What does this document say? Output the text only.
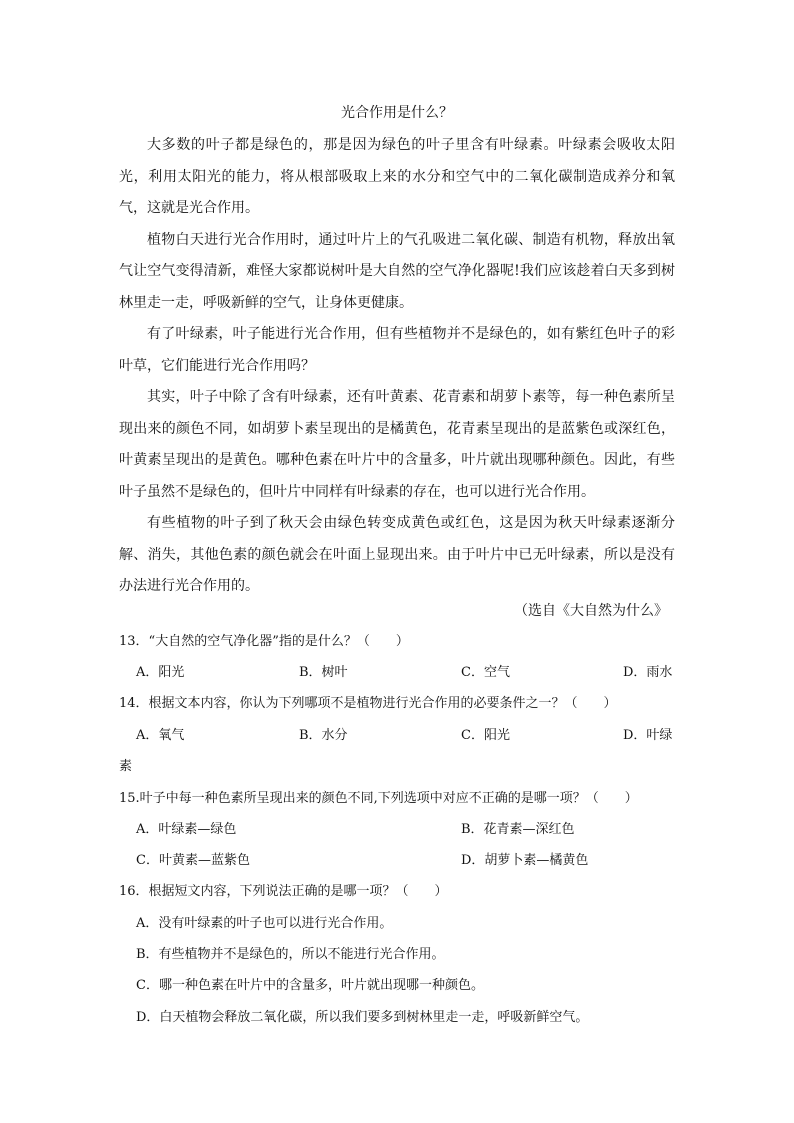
光合作用是什么？

大多数的叶子都是绿色的，那是因为绿色的叶子里含有叶绿素。叶绿素会吸收太阳光，利用太阳光的能力，将从根部吸取上来的水分和空气中的二氧化碳制造成养分和氧气，这就是光合作用。

植物白天进行光合作用时，通过叶片上的气孔吸进二氧化碳、制造有机物，释放出氧气让空气变得清新，难怪大家都说树叶是大自然的空气净化器呢!我们应该趁着白天多到树林里走一走，呼吸新鲜的空气，让身体更健康。

有了叶绿素，叶子能进行光合作用，但有些植物并不是绿色的，如有紫红色叶子的彩叶草，它们能进行光合作用吗？

其实，叶子中除了含有叶绿素，还有叶黄素、花青素和胡萝卜素等，每一种色素所呈现出来的颜色不同，如胡萝卜素呈现出的是橘黄色，花青素呈现出的是蓝紫色或深红色，叶黄素呈现出的是黄色。哪种色素在叶片中的含量多，叶片就出现哪种颜色。因此，有些叶子虽然不是绿色的，但叶片中同样有叶绿素的存在，也可以进行光合作用。

有些植物的叶子到了秋天会由绿色转变成黄色或红色，这是因为秋天叶绿素逐渐分解、消失，其他色素的颜色就会在叶面上显现出来。由于叶片中已无叶绿素，所以是没有办法进行光合作用的。

（选自《大自然为什么》
13．“大自然的空气净化器”指的是什么？（　　）
A．阳光	B．树叶	C．空气	D．雨水
14．根据文本内容，你认为下列哪项不是植物进行光合作用的必要条件之一？（　　）
A．氧气	B．水分	C．阳光	D．叶绿
素
15.叶子中每一种色素所呈现出来的颜色不同,下列选项中对应不正确的是哪一项？（　　）
A．叶绿素—绿色	B．花青素—深红色
C．叶黄素—蓝紫色	D．胡萝卜素—橘黄色
16．根据短文内容，下列说法正确的是哪一项？（　　）
A．没有叶绿素的叶子也可以进行光合作用。
B．有些植物并不是绿色的，所以不能进行光合作用。
C．哪一种色素在叶片中的含量多，叶片就出现哪一种颜色。
D．白天植物会释放二氧化碳，所以我们要多到树林里走一走，呼吸新鲜空气。
